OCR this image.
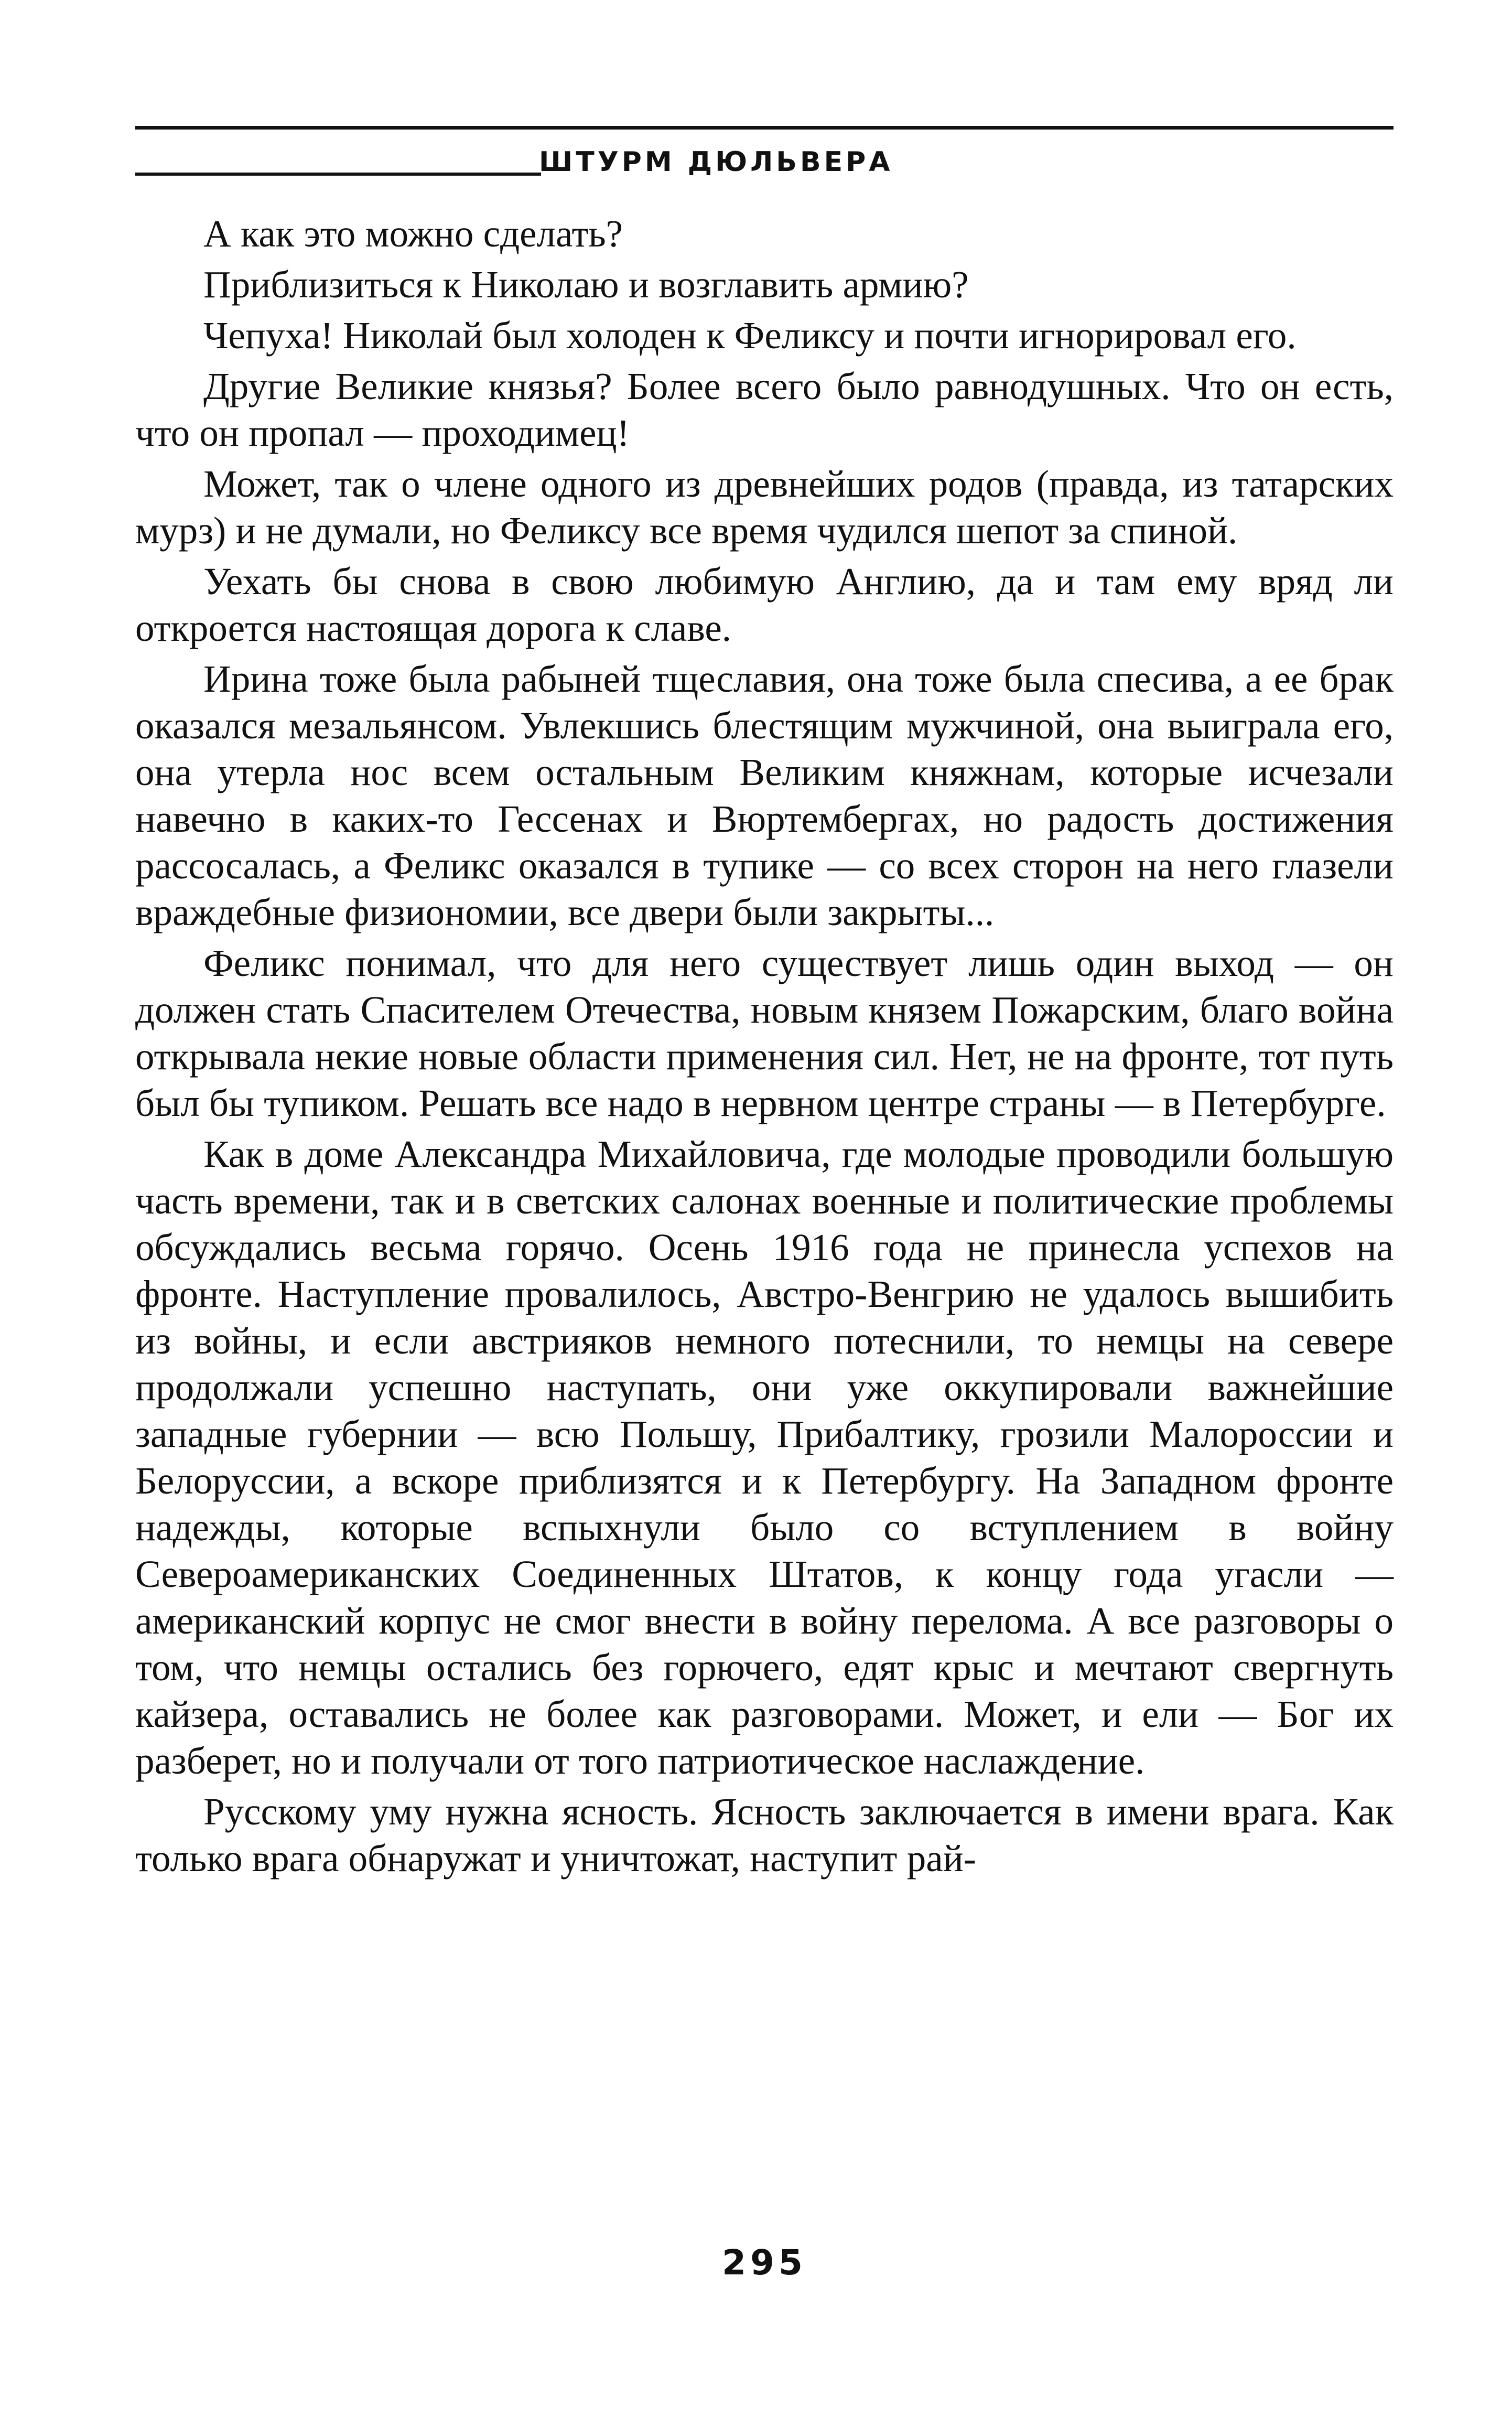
ШТУРМ ДЮЛЬВЕРА

А как это можно сделать?

Приблизиться к Николаю и возглавить армию?

Чепуха! Николай был холоден к Феликсу и почти игнорировал его.

Другие Великие князья? Более всего было равнодушных. Что он есть, что он пропал — проходимец!

Может, так о члене одного из древнейших родов (правда, из татарских мурз) и не думали, но Феликсу все время чудился шепот за спиной.

Уехать бы снова в свою любимую Англию, да и там ему вряд ли откроется настоящая дорога к славе.

Ирина тоже была рабыней тщеславия, она тоже была спесива, а ее брак оказался мезальянсом. Увлекшись блестящим мужчиной, она выиграла его, она утерла нос всем остальным Великим княжнам, которые исчезали навечно в каких-то Гессенах и Вюртембергах, но радость достижения рассосалась, а Феликс оказался в тупике — со всех сторон на него глазели враждебные физиономии, все двери были закрыты...

Феликс понимал, что для него существует лишь один выход — он должен стать Спасителем Отечества, новым князем Пожарским, благо война открывала некие новые области применения сил. Нет, не на фронте, тот путь был бы тупиком. Решать все надо в нервном центре страны — в Петербурге.

Как в доме Александра Михайловича, где молодые проводили большую часть времени, так и в светских салонах военные и политические проблемы обсуждались весьма горячо. Осень 1916 года не принесла успехов на фронте. Наступление провалилось, Австро-Венгрию не удалось вышибить из войны, и если австрияков немного потеснили, то немцы на севере продолжали успешно наступать, они уже оккупировали важнейшие западные губернии — всю Польшу, Прибалтику, грозили Малороссии и Белоруссии, а вскоре приблизятся и к Петербургу. На Западном фронте надежды, которые вспыхнули было со вступлением в войну Североамериканских Соединенных Штатов, к концу года угасли — американский корпус не смог внести в войну перелома. А все разговоры о том, что немцы остались без горючего, едят крыс и мечтают свергнуть кайзера, оставались не более как разговорами. Может, и ели — Бог их разберет, но и получали от того патриотическое наслаждение.

Русскому уму нужна ясность. Ясность заключается в имени врага. Как только врага обнаружат и уничтожат, наступит рай-

295
